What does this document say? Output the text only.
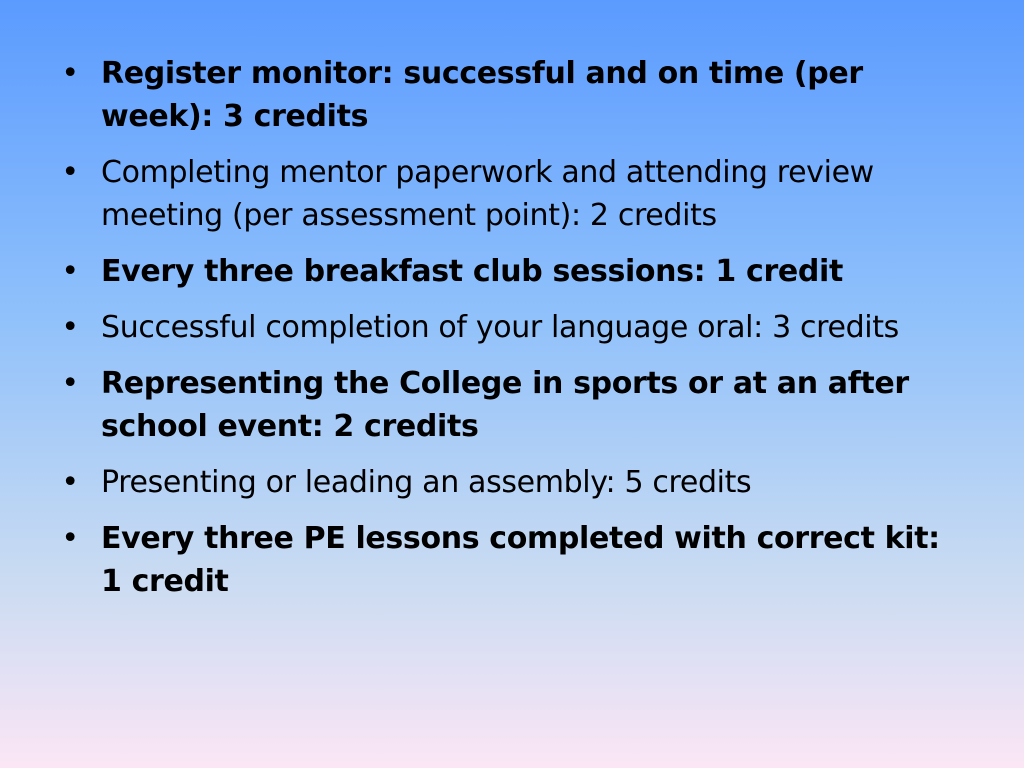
• Register monitor: successful and on time (per week): 3 credits
• Completing mentor paperwork and attending review meeting (per assessment point): 2 credits
• Every three breakfast club sessions: 1 credit
• Successful completion of your language oral: 3 credits
• Representing the College in sports or at an after school event: 2 credits
• Presenting or leading an assembly: 5 credits
• Every three PE lessons completed with correct kit: 1 credit
